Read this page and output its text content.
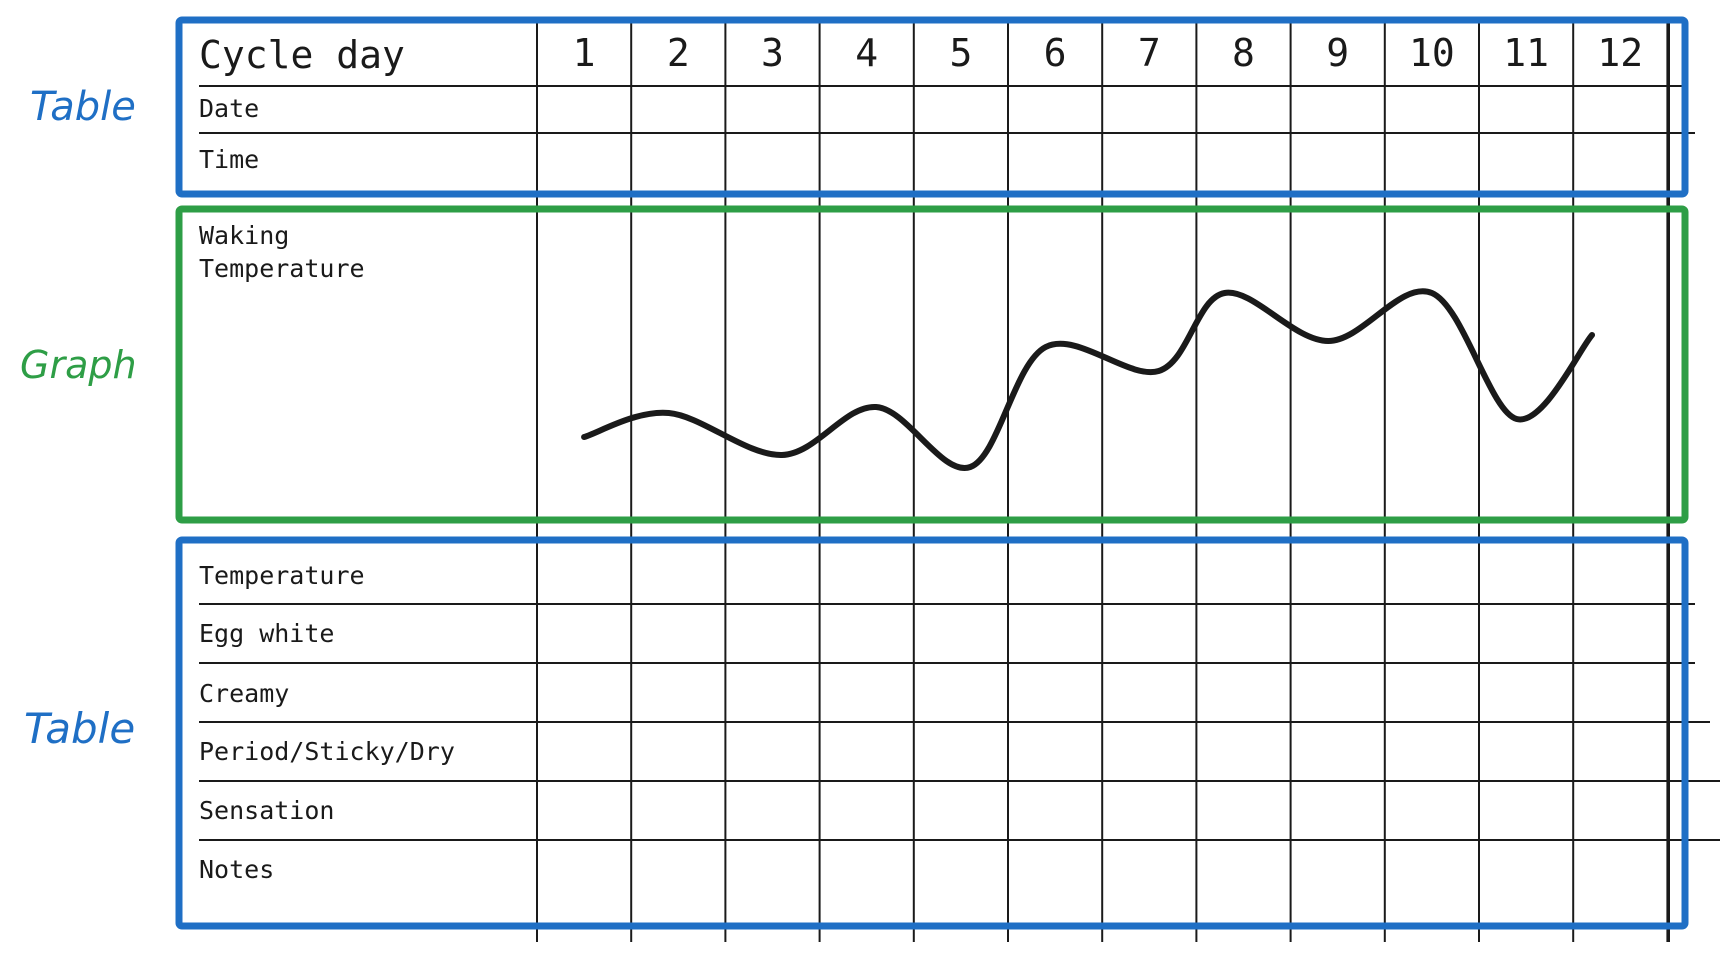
Table
Graph
Table
Cycle day	1 2 3 4 5 6 7 8 9 10 11 12
Date
Time
Waking
Temperature
Temperature
Egg white
Creamy
Period/Sticky/Dry
Sensation
Notes
